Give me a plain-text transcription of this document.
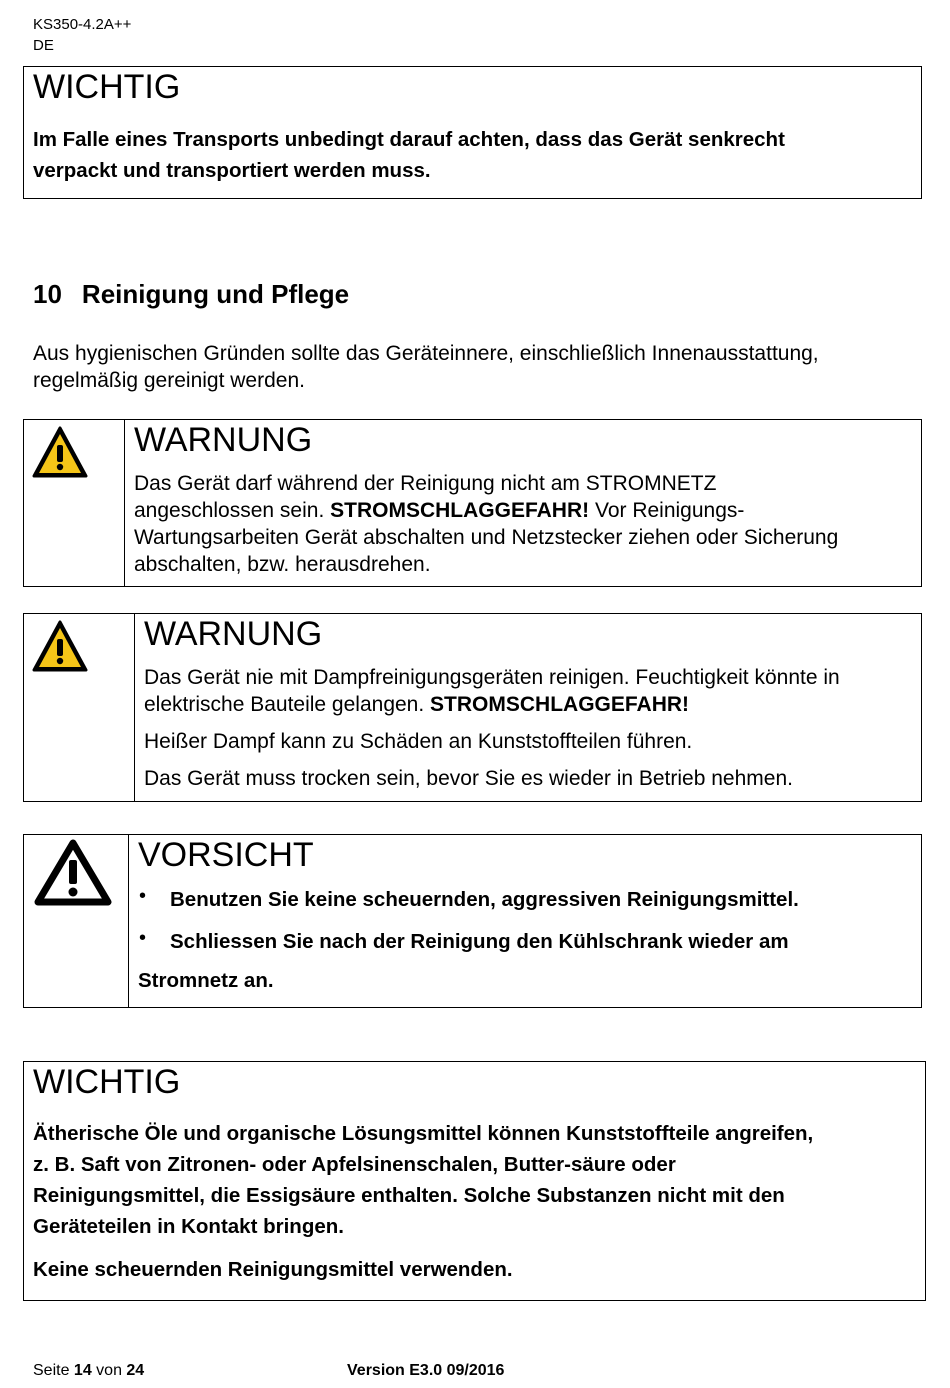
KS350-4.2A++
DE
WICHTIG
Im Falle eines Transports unbedingt darauf achten, dass das Gerät senkrecht
verpackt und transportiert werden muss.
10 Reinigung und Pflege
Aus hygienischen Gründen sollte das Geräteinnere, einschließlich Innenausstattung,
regelmäßig gereinigt werden.
WARNUNG
Das Gerät darf während der Reinigung nicht am STROMNETZ
angeschlossen sein. STROMSCHLAGGEFAHR! Vor Reinigungs-
Wartungsarbeiten Gerät abschalten und Netzstecker ziehen oder Sicherung
abschalten, bzw. herausdrehen.
WARNUNG
Das Gerät nie mit Dampfreinigungsgeräten reinigen. Feuchtigkeit könnte in
elektrische Bauteile gelangen. STROMSCHLAGGEFAHR!
Heißer Dampf kann zu Schäden an Kunststoffteilen führen.
Das Gerät muss trocken sein, bevor Sie es wieder in Betrieb nehmen.
VORSICHT
• Benutzen Sie keine scheuernden, aggressiven Reinigungsmittel.
• Schliessen Sie nach der Reinigung den Kühlschrank wieder am
Stromnetz an.
WICHTIG
Ätherische Öle und organische Lösungsmittel können Kunststoffteile angreifen,
z. B. Saft von Zitronen- oder Apfelsinenschalen, Butter-säure oder
Reinigungsmittel, die Essigsäure enthalten. Solche Substanzen nicht mit den
Geräteteilen in Kontakt bringen.
Keine scheuernden Reinigungsmittel verwenden.
Seite 14 von 24	Version E3.0 09/2016
